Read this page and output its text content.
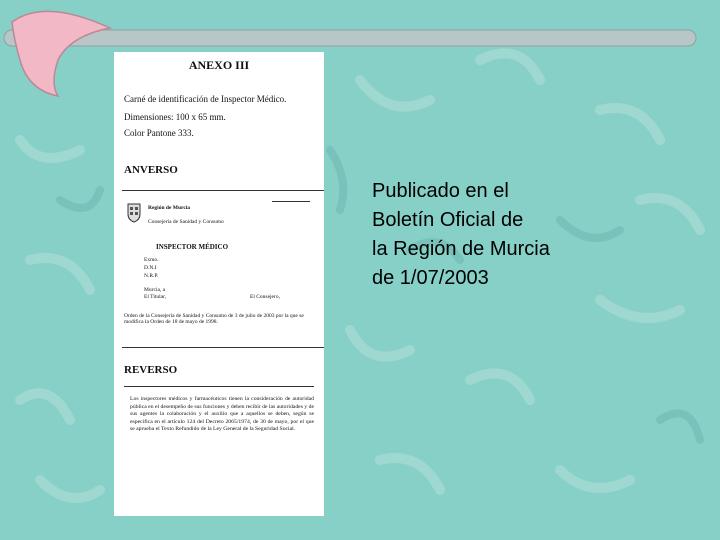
ANEXO III
Carné de identificación de Inspector Médico.
Dimensiones: 100 x 65 mm.
Color Pantone 333.
ANVERSO
Región de Murcia
Consejería de Sanidad y Consumo
INSPECTOR MÉDICO
Exmo.
D.N.I
N.R.P.
Murcia, a
El Titular,	El Consejero,
Orden de la Consejería de Sanidad y Consumo de 3 de julio de 2003 por la que se modifica la Orden de 18 de mayo de 1998.
REVERSO
Los inspectores médicos y farmacéuticos tienen la consideración de autoridad pública en el desempeño de sus funciones y deben recibir de las autoridades y de sus agentes la colaboración y el auxilio que a aquellos se deben, según se especifica en el artículo 124 del Decreto 2065/1974, de 30 de mayo, por el que se aprueba el Texto Refundido de la Ley General de la Seguridad Social.
Publicado en el
Boletín Oficial de
la Región de Murcia
de 1/07/2003
